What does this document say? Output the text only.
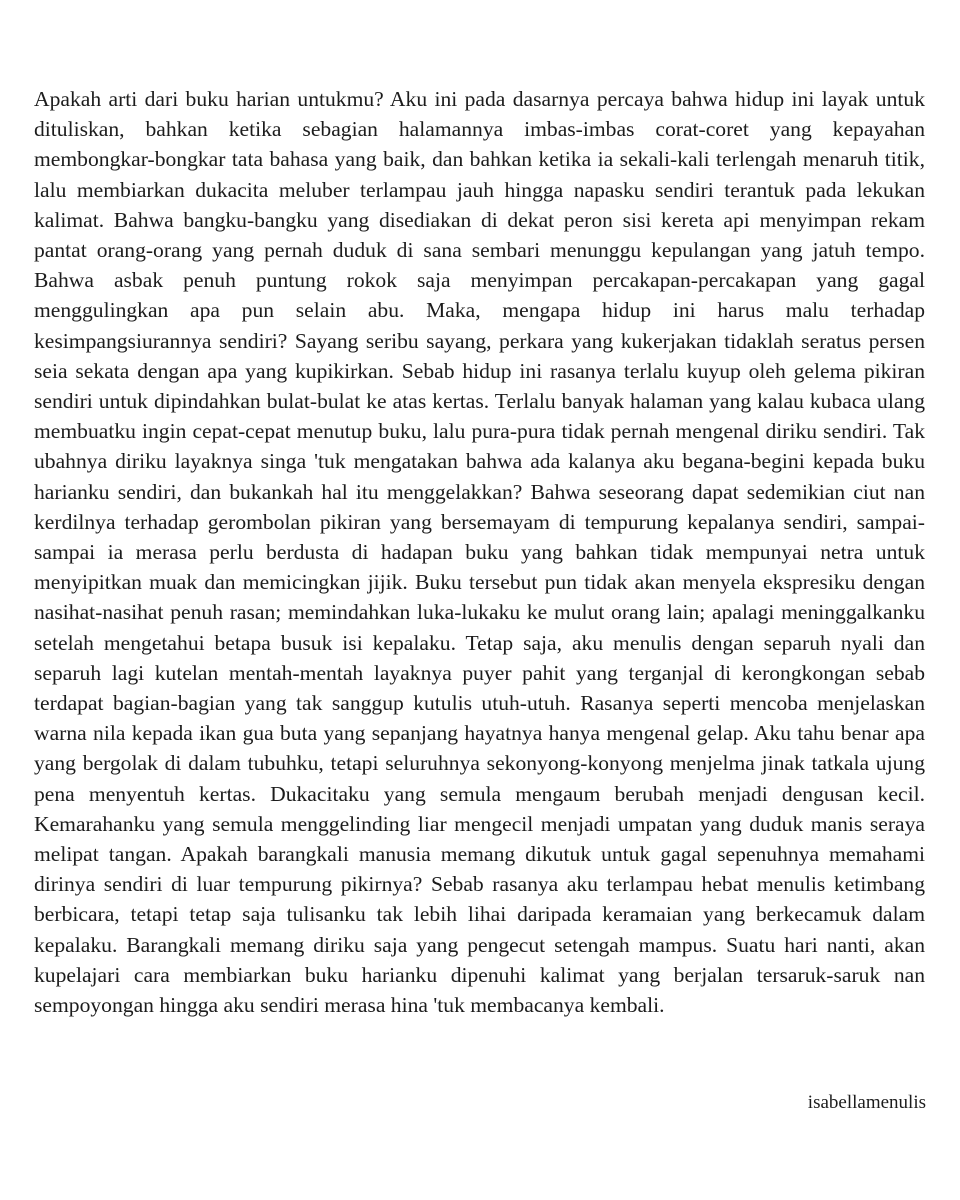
Apakah arti dari buku harian untukmu? Aku ini pada dasarnya percaya bahwa hidup ini layak untuk dituliskan, bahkan ketika sebagian halamannya imbas-imbas corat-coret yang kepayahan membongkar-bongkar tata bahasa yang baik, dan bahkan ketika ia sekali-kali terlengah menaruh titik, lalu membiarkan dukacita meluber terlampau jauh hingga napasku sendiri terantuk pada lekukan kalimat. Bahwa bangku-bangku yang disediakan di dekat peron sisi kereta api menyimpan rekam pantat orang-orang yang pernah duduk di sana sembari menunggu kepulangan yang jatuh tempo. Bahwa asbak penuh puntung rokok saja menyimpan percakapan-percakapan yang gagal menggulingkan apa pun selain abu. Maka, mengapa hidup ini harus malu terhadap kesimpangsiurannya sendiri? Sayang seribu sayang, perkara yang kukerjakan tidaklah seratus persen seia sekata dengan apa yang kupikirkan. Sebab hidup ini rasanya terlalu kuyup oleh gelema pikiran sendiri untuk dipindahkan bulat-bulat ke atas kertas. Terlalu banyak halaman yang kalau kubaca ulang membuatku ingin cepat-cepat menutup buku, lalu pura-pura tidak pernah mengenal diriku sendiri. Tak ubahnya diriku layaknya singa 'tuk mengatakan bahwa ada kalanya aku begana-begini kepada buku harianku sendiri, dan bukankah hal itu menggelakkan? Bahwa seseorang dapat sedemikian ciut nan kerdilnya terhadap gerombolan pikiran yang bersemayam di tempurung kepalanya sendiri, sampai-sampai ia merasa perlu berdusta di hadapan buku yang bahkan tidak mempunyai netra untuk menyipitkan muak dan memicingkan jijik. Buku tersebut pun tidak akan menyela ekspresiku dengan nasihat-nasihat penuh rasan; memindahkan luka-lukaku ke mulut orang lain; apalagi meninggalkanku setelah mengetahui betapa busuk isi kepalaku. Tetap saja, aku menulis dengan separuh nyali dan separuh lagi kutelan mentah-mentah layaknya puyer pahit yang terganjal di kerongkongan sebab terdapat bagian-bagian yang tak sanggup kutulis utuh-utuh. Rasanya seperti mencoba menjelaskan warna nila kepada ikan gua buta yang sepanjang hayatnya hanya mengenal gelap. Aku tahu benar apa yang bergolak di dalam tubuhku, tetapi seluruhnya sekonyong-konyong menjelma jinak tatkala ujung pena menyentuh kertas. Dukacitaku yang semula mengaum berubah menjadi dengusan kecil. Kemarahanku yang semula menggelinding liar mengecil menjadi umpatan yang duduk manis seraya melipat tangan. Apakah barangkali manusia memang dikutuk untuk gagal sepenuhnya memahami dirinya sendiri di luar tempurung pikirnya? Sebab rasanya aku terlampau hebat menulis ketimbang berbicara, tetapi tetap saja tulisanku tak lebih lihai daripada keramaian yang berkecamuk dalam kepalaku. Barangkali memang diriku saja yang pengecut setengah mampus. Suatu hari nanti, akan kupelajari cara membiarkan buku harianku dipenuhi kalimat yang berjalan tersaruk-saruk nan sempoyongan hingga aku sendiri merasa hina 'tuk membacanya kembali.

isabellamenulis
